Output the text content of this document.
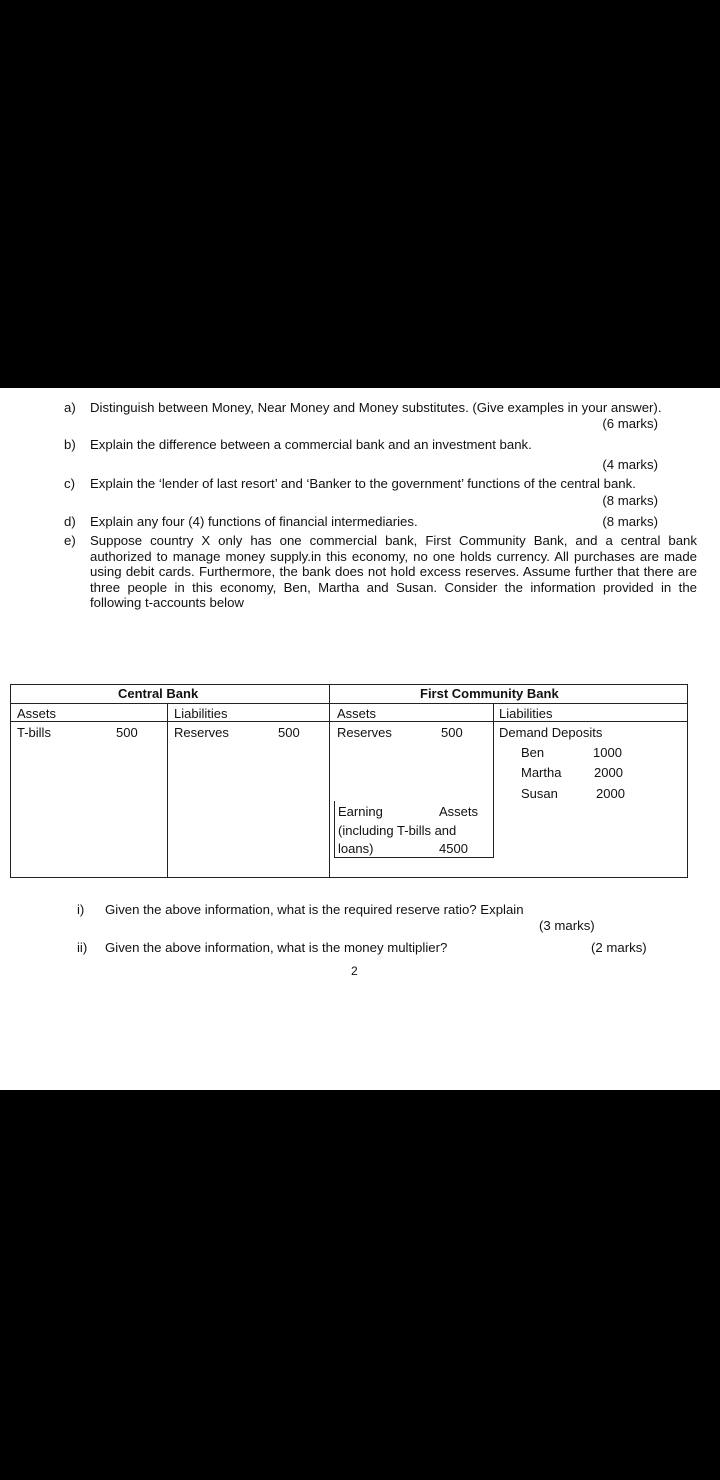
a) Distinguish between Money, Near Money and Money substitutes. (Give examples in your answer).
(6 marks)
b) Explain the difference between a commercial bank and an investment bank.
(4 marks)
c) Explain the ‘lender of last resort’ and ‘Banker to the government’ functions of the central bank.
(8 marks)
d) Explain any four (4) functions of financial intermediaries.	(8 marks)
e) Suppose country X only has one commercial bank, First Community Bank, and a central bank authorized to manage money supply.in this economy, no one holds currency. All purchases are made using debit cards. Furthermore, the bank does not hold excess reserves. Assume further that there are three people in this economy, Ben, Martha and Susan. Consider the information provided in the following t-accounts below
Central Bank
Assets	Liabilities
T-bills	500	Reserves	500
First Community Bank
Assets	Liabilities
Reserves	500	Demand Deposits
Ben	1000
Martha	2000
Susan	2000
Earning	Assets
(including T-bills and
loans)	4500
i) Given the above information, what is the required reserve ratio? Explain
(3 marks)
ii) Given the above information, what is the money multiplier?	(2 marks)
2
